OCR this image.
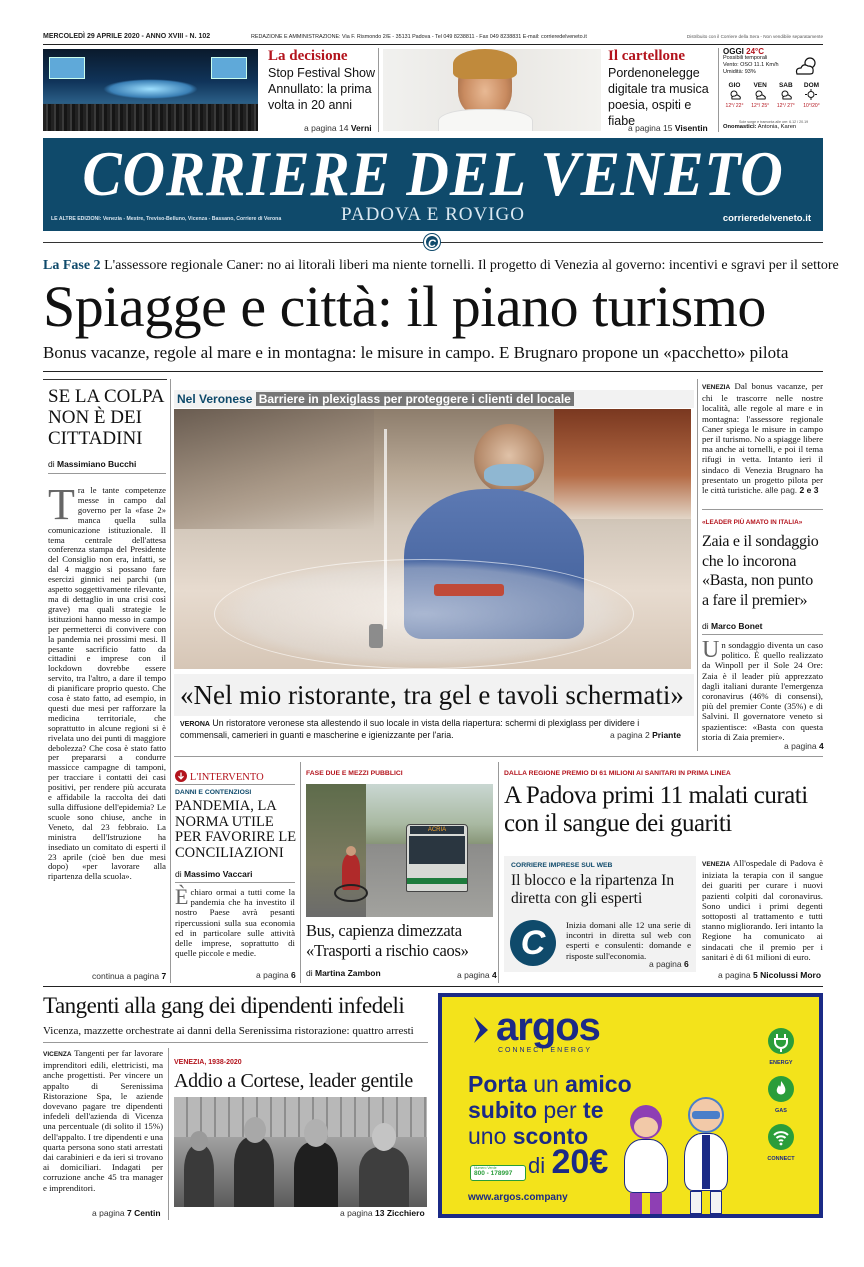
MERCOLEDÌ 29 APRILE 2020 - ANNO XVIII - N. 102	REDAZIONE E AMMINISTRAZIONE: Via F. Rismondo 2/E - 35131 Padova - Tel 049 8238811 - Fax 049 8238831 E-mail: corrieredelveneto.it	Distribuito con il Corriere della Sera - Non vendibile separatamente
La decisione
Stop Festival Show Annullato: la prima volta in 20 anni
a pagina 14 Verni
Il cartellone
Pordenonelegge digitale tra musica poesia, ospiti e fiabe
a pagina 15 Visentin
OGGI 24°C
Possibili temporali
Vento: OSO 11.1 Km/h
Umidità: 93%
GIO
12°/ 22°
VEN
12°/ 25°
SAB
12°/ 27°
DOM
10°/20°
Sole sorge e tramonta alle ore: 6.12 / 20.19
Onomastici: Antonia, Karen
CORRIERE DEL VENETO
PADOVA E ROVIGO
LE ALTRE EDIZIONI: Venezia - Mestre, Treviso-Belluno, Vicenza - Bassano, Corriere di Verona	corrieredelveneto.it
C
La Fase 2 L'assessore regionale Caner: no ai litorali liberi ma niente tornelli. Il progetto di Venezia al governo: incentivi e sgravi per il settore
Spiagge e città: il piano turismo
Bonus vacanze, regole al mare e in montagna: le misure in campo. E Brugnaro propone un «pacchetto» pilota
SE LA COLPA NON È DEI CITTADINI
di Massimiano Bucchi
Tra le tante competenze messe in campo dal governo per la «fase 2» manca quella sulla comunicazione istituzionale. Il tema centrale dell'attesa conferenza stampa del Presidente del Consiglio non era, infatti, se dal 4 maggio si possano fare esercizi ginnici nei parchi (un aspetto soggettivamente rilevante, ma di dettaglio in una crisi così grave) ma quali strategie le istituzioni hanno messo in campo per permetterci di convivere con la pandemia nei prossimi mesi. Il pesante sacrificio fatto da cittadini e imprese con il lockdown dovrebbe essere servito, tra l'altro, a dare il tempo di pianificare proprio questo. Che cosa è stato fatto, ad esempio, in questi due mesi per rafforzare la medicina territoriale, che soprattutto in alcune regioni si è rivelata uno dei punti di maggiore debolezza? Che cosa è stato fatto per prepararsi a condurre massicce campagne di tamponi, per tracciare i contatti dei casi positivi, per rendere più accurata e affidabile la raccolta dei dati sulla diffusione dell'epidemia? Le scuole sono chiuse, anche in Veneto, dal 23 febbraio. La ministra dell'Istruzione ha insediato un comitato di esperti il 23 aprile (cioè ben due mesi dopo) «per lavorare alla ripartenza della scuola».
continua a pagina 7
Nel Veronese Barriere in plexiglass per proteggere i clienti del locale
«Nel mio ristorante, tra gel e tavoli schermati»
VERONA Un ristoratore veronese sta allestendo il suo locale in vista della riapertura: schermi di plexiglass per dividere i commensali, camerieri in guanti e mascherine e igienizzante per l'aria.	a pagina 2 Priante
VENEZIA Dal bonus vacanze, per chi le trascorre nelle nostre località, alle regole al mare e in montagna: l'assessore regionale Caner spiega le misure in campo per il turismo. No a spiagge libere ma anche ai tornelli, e poi il tema rifugi in vetta. Intanto ieri il sindaco di Venezia Brugnaro ha presentato un progetto pilota per le città turistiche. alle pag. 2 e 3
«LEADER PIÙ AMATO IN ITALIA»
Zaia e il sondaggio che lo incorona «Basta, non punto a fare il premier»
di Marco Bonet
Un sondaggio diventa un caso politico. È quello realizzato da Winpoll per il Sole 24 Ore: Zaia è il leader più apprezzato dagli italiani durante l'emergenza coronavirus (46% di consensi), più del premier Conte (35%) e di Salvini. Il governatore veneto si spazientisce: «Basta con questa storia di Zaia premier».
a pagina 4
L'INTERVENTO
DANNI E CONTENZIOSI
PANDEMIA, LA NORMA UTILE PER FAVORIRE LE CONCILIAZIONI
di Massimo Vaccari
Èchiaro ormai a tutti come la pandemia che ha investito il nostro Paese avrà pesanti ripercussioni sulla sua economia ed in particolare sulle attività delle imprese, soprattutto di quelle piccole e medie.
a pagina 6
FASE DUE E MEZZI PUBBLICI
ACRIA
Bus, capienza dimezzata «Trasporti a rischio caos»
di Martina Zambon	a pagina 4
DALLA REGIONE PREMIO DI 61 MILIONI AI SANITARI IN PRIMA LINEA
A Padova primi 11 malati curati con il sangue dei guariti
CORRIERE IMPRESE SUL WEB
Il blocco e la ripartenza In diretta con gli esperti
C	Inizia domani alle 12 una serie di incontri in diretta sul web con esperti e consulenti: domande e risposte sull'economia.
a pagina 6
VENEZIA All'ospedale di Padova è iniziata la terapia con il sangue dei guariti per curare i nuovi pazienti colpiti dal coronavirus. Sono undici i primi degenti sottoposti al trattamento e tutti stanno migliorando. Ieri intanto la Regione ha comunicato ai sindacati che il premio per i sanitari è di 61 milioni di euro.
a pagina 5 Nicolussi Moro
Tangenti alla gang dei dipendenti infedeli
Vicenza, mazzette orchestrate ai danni della Serenissima ristorazione: quattro arresti
VICENZA Tangenti per far lavorare imprenditori edili, elettricisti, ma anche progettisti. Per vincere un appalto di Serenissima Ristorazione Spa, le aziende dovevano pagare tre dipendenti infedeli dell'azienda di Vicenza una percentuale (di solito il 15%) dell'appalto. I tre dipendenti e una quarta persona sono stati arrestati dai carabinieri e da ieri si trovano ai domiciliari. Indagati per corruzione anche 45 tra manager e imprenditori.
a pagina 7 Centin
VENEZIA, 1938-2020
Addio a Cortese, leader gentile
a pagina 13 Zicchiero
argos
CONNECT ENERGY
Porta un amico
subito per te
uno sconto
di 20€
Numero Verde
800 - 178997
www.argos.company
ENERGY
GAS
CONNECT
